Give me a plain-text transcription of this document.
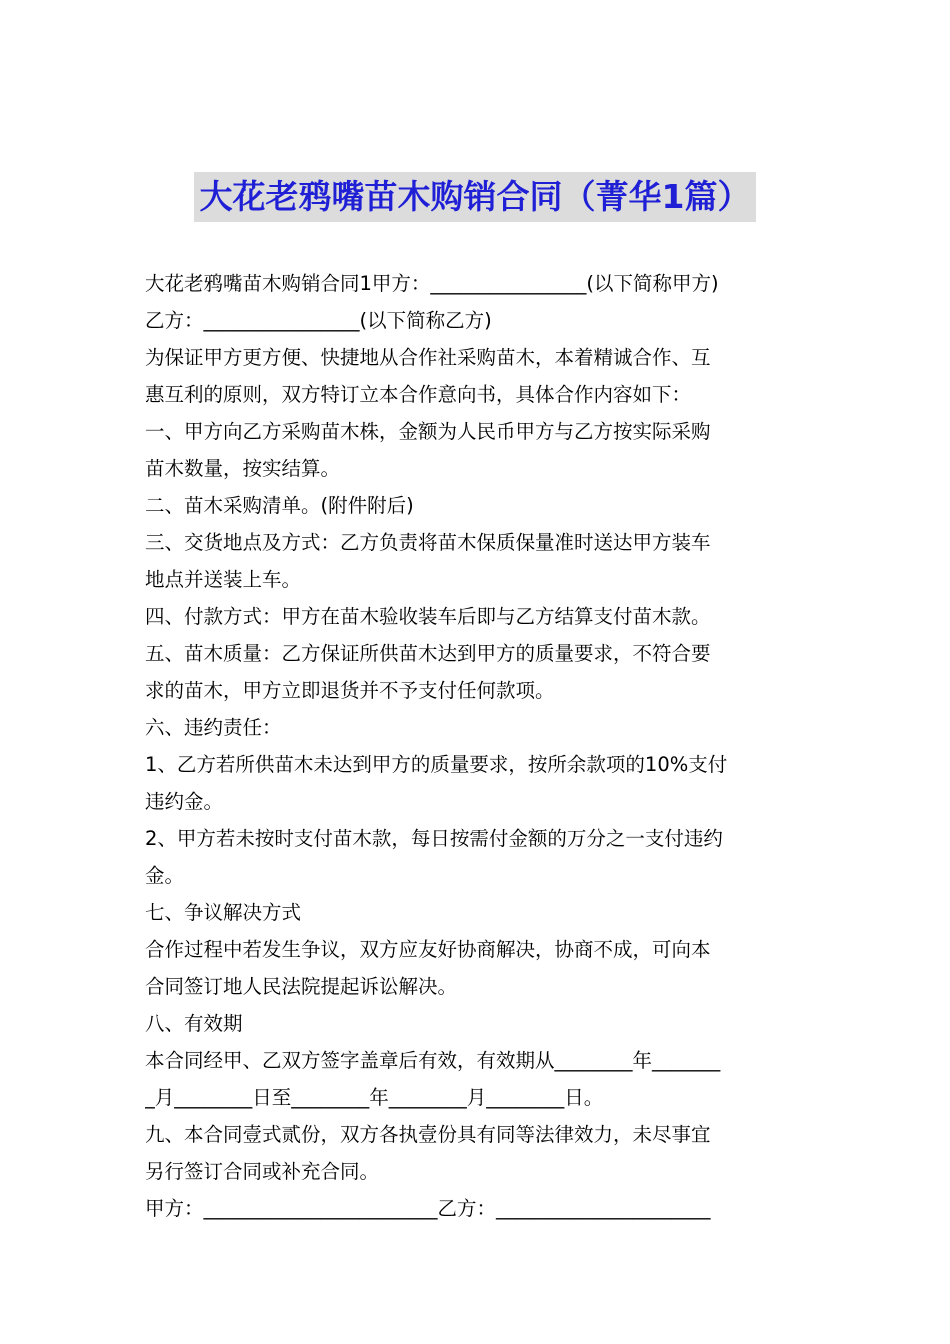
大花老鸦嘴苗木购销合同（菁华1篇）
大花老鸦嘴苗木购销合同1甲方：________________(以下简称甲方)
乙方：________________(以下简称乙方)
为保证甲方更方便、快捷地从合作社采购苗木，本着精诚合作、互
惠互利的原则，双方特订立本合作意向书，具体合作内容如下：
一、甲方向乙方采购苗木株，金额为人民币甲方与乙方按实际采购
苗木数量，按实结算。
二、苗木采购清单。(附件附后)
三、交货地点及方式：乙方负责将苗木保质保量准时送达甲方装车
地点并送装上车。
四、付款方式：甲方在苗木验收装车后即与乙方结算支付苗木款。
五、苗木质量：乙方保证所供苗木达到甲方的质量要求，不符合要
求的苗木，甲方立即退货并不予支付任何款项。
六、违约责任：
1、乙方若所供苗木未达到甲方的质量要求，按所余款项的10%支付
违约金。
2、甲方若未按时支付苗木款，每日按需付金额的万分之一支付违约
金。
七、争议解决方式
合作过程中若发生争议，双方应友好协商解决，协商不成，可向本
合同签订地人民法院提起诉讼解决。
八、有效期
本合同经甲、乙双方签字盖章后有效，有效期从________年_______
_月________日至________年________月________日。
九、本合同壹式贰份，双方各执壹份具有同等法律效力，未尽事宜
另行签订合同或补充合同。
甲方：________________________乙方：______________________
